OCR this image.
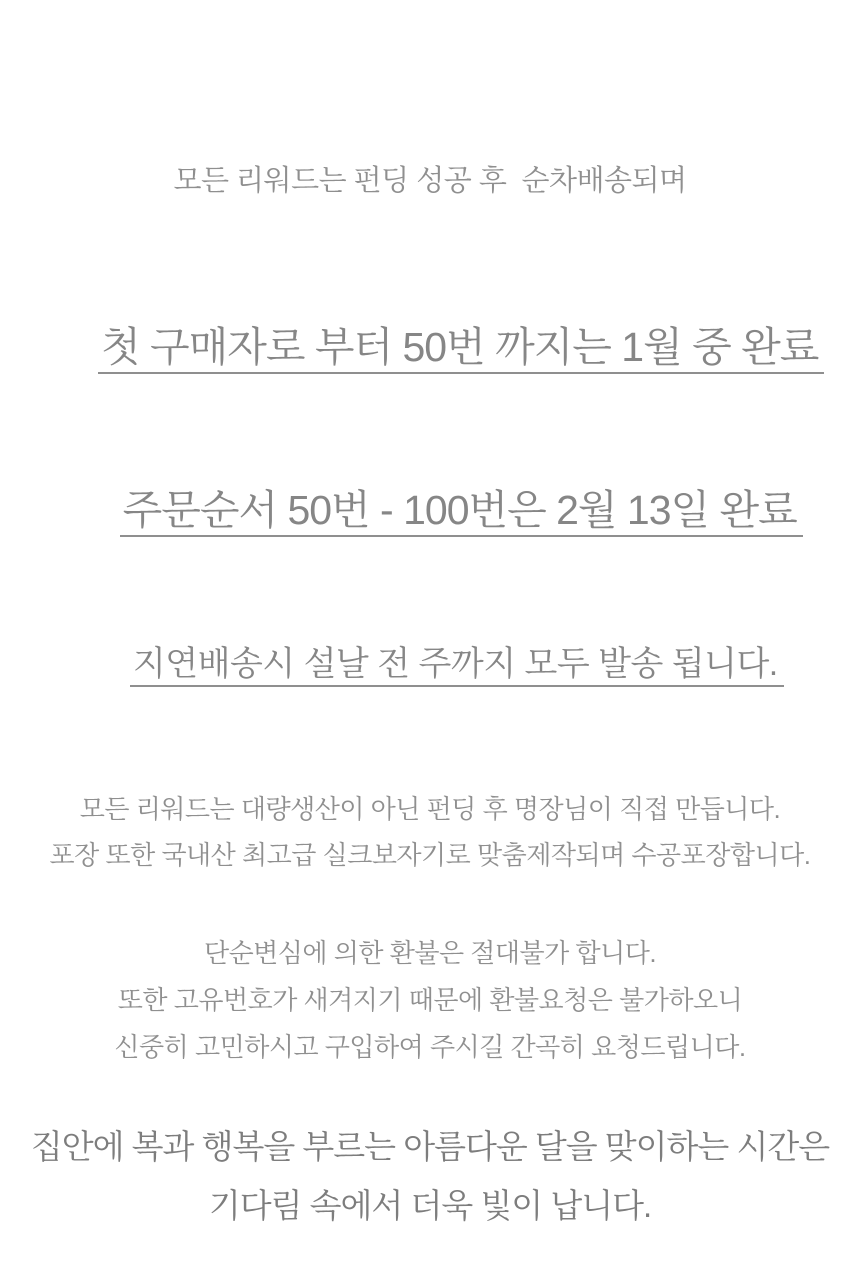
모든 리워드는 펀딩 성공 후  순차배송되며

첫 구매자로 부터 50번 까지는 1월 중 완료

주문순서 50번 - 100번은 2월 13일 완료

지연배송시 설날 전 주까지 모두 발송 됩니다.

모든 리워드는 대량생산이 아닌 펀딩 후 명장님이 직접 만듭니다.
포장 또한 국내산 최고급 실크보자기로 맞춤제작되며 수공포장합니다.
단순변심에 의한 환불은 절대불가 합니다.
또한 고유번호가 새겨지기 때문에 환불요청은 불가하오니
신중히 고민하시고 구입하여 주시길 간곡히 요청드립니다.
집안에 복과 행복을 부르는 아름다운 달을 맞이하는 시간은
기다림 속에서 더욱 빛이 납니다.
